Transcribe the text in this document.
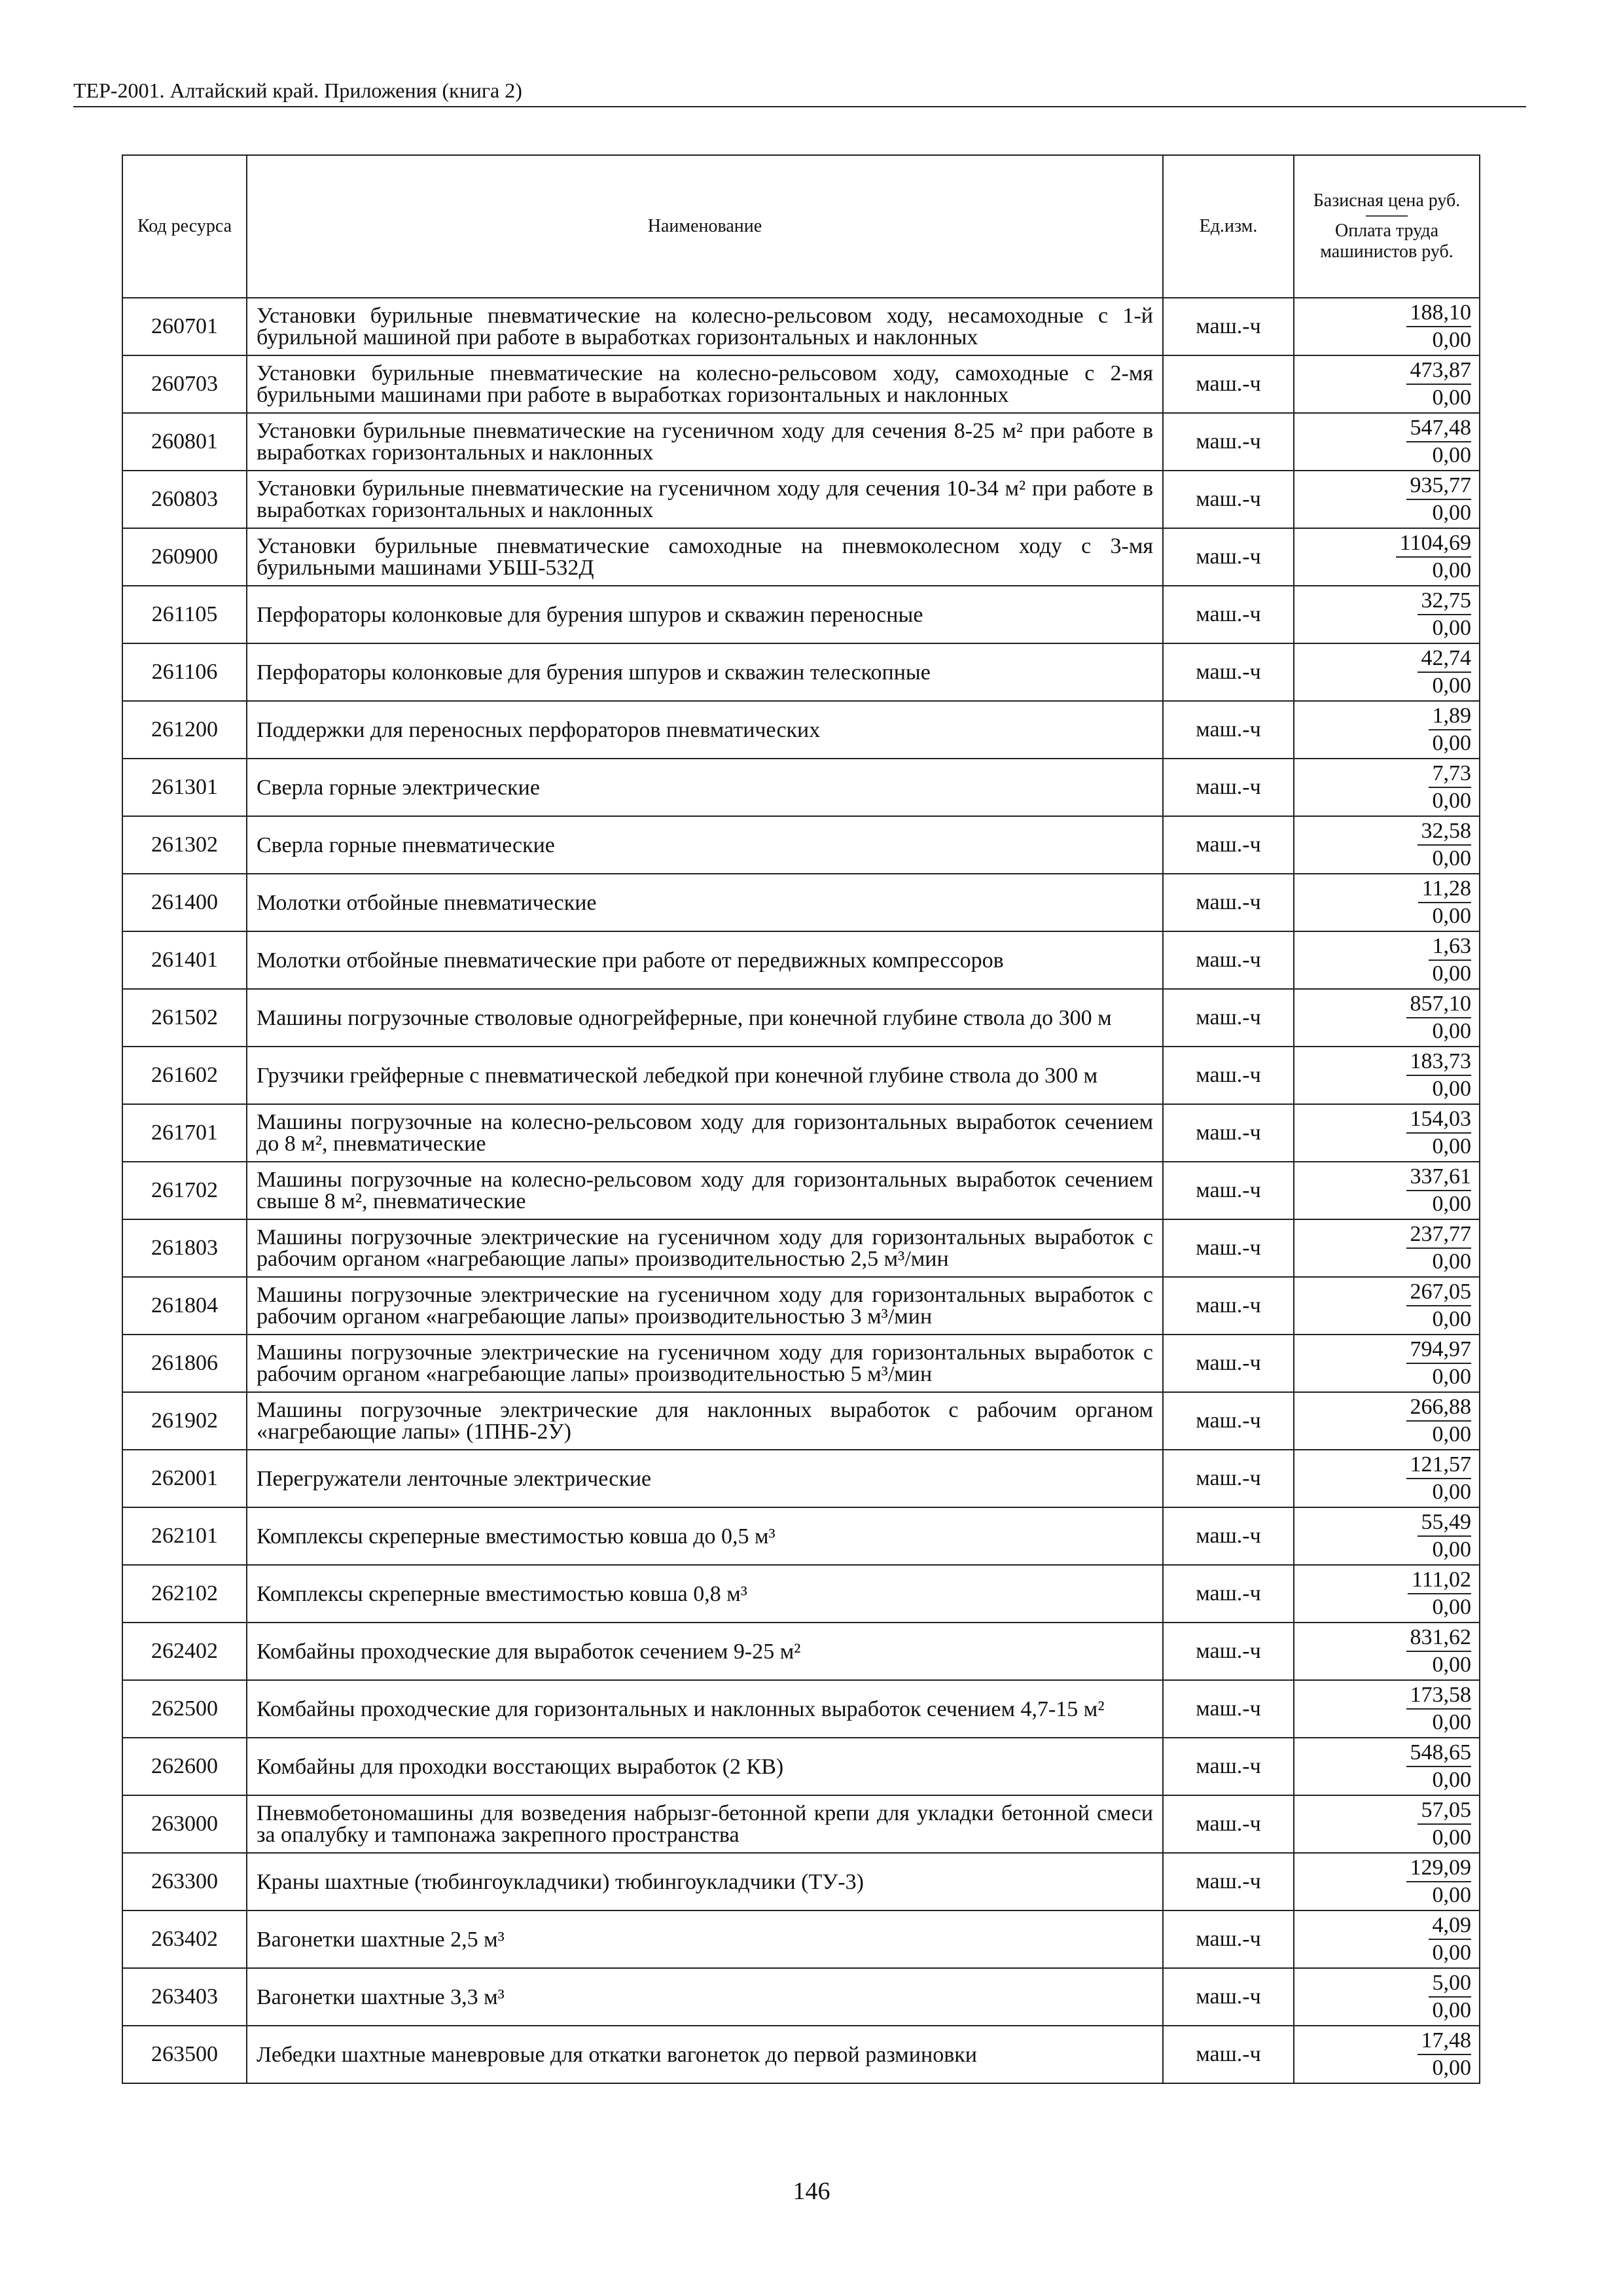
ТЕР-2001. Алтайский край. Приложения (книга 2)
Код ресурса	Наименование	Ед.изм.	Базисная цена руб.
Оплата труда машинистов руб.
260701	Установки бурильные пневматические на колесно-рельсовом ходу, несамоходные с 1-й бурильной машиной при работе в выработках горизонтальных и наклонных	маш.-ч	188,10
0,00

260703	Установки бурильные пневматические на колесно-рельсовом ходу, самоходные с 2-мя бурильными машинами при работе в выработках горизонтальных и наклонных	маш.-ч	473,87
0,00

260801	Установки бурильные пневматические на гусеничном ходу для сечения 8-25 м² при работе в выработках горизонтальных и наклонных	маш.-ч	547,48
0,00

260803	Установки бурильные пневматические на гусеничном ходу для сечения 10-34 м² при работе в выработках горизонтальных и наклонных	маш.-ч	935,77
0,00

260900	Установки бурильные пневматические самоходные на пневмоколесном ходу с 3-мя бурильными машинами УБШ-532Д	маш.-ч	1104,69
0,00

261105	Перфораторы колонковые для бурения шпуров и скважин переносные	маш.-ч	32,75
0,00

261106	Перфораторы колонковые для бурения шпуров и скважин телескопные	маш.-ч	42,74
0,00

261200	Поддержки для переносных перфораторов пневматических	маш.-ч	1,89
0,00

261301	Сверла горные электрические	маш.-ч	7,73
0,00

261302	Сверла горные пневматические	маш.-ч	32,58
0,00

261400	Молотки отбойные пневматические	маш.-ч	11,28
0,00

261401	Молотки отбойные пневматические при работе от передвижных компрессоров	маш.-ч	1,63
0,00

261502	Машины погрузочные стволовые одногрейферные, при конечной глубине ствола до 300 м	маш.-ч	857,10
0,00

261602	Грузчики грейферные с пневматической лебедкой при конечной глубине ствола до 300 м	маш.-ч	183,73
0,00

261701	Машины погрузочные на колесно-рельсовом ходу для горизонтальных выработок сечением до 8 м², пневматические	маш.-ч	154,03
0,00

261702	Машины погрузочные на колесно-рельсовом ходу для горизонтальных выработок сечением свыше 8 м², пневматические	маш.-ч	337,61
0,00

261803	Машины погрузочные электрические на гусеничном ходу для горизонтальных выработок с рабочим органом «нагребающие лапы» производительностью 2,5 м³/мин	маш.-ч	237,77
0,00

261804	Машины погрузочные электрические на гусеничном ходу для горизонтальных выработок с рабочим органом «нагребающие лапы» производительностью 3 м³/мин	маш.-ч	267,05
0,00

261806	Машины погрузочные электрические на гусеничном ходу для горизонтальных выработок с рабочим органом «нагребающие лапы» производительностью 5 м³/мин	маш.-ч	794,97
0,00

261902	Машины погрузочные электрические для наклонных выработок с рабочим органом «нагребающие лапы» (1ПНБ-2У)	маш.-ч	266,88
0,00

262001	Перегружатели ленточные электрические	маш.-ч	121,57
0,00

262101	Комплексы скреперные вместимостью ковша до 0,5 м³	маш.-ч	55,49
0,00

262102	Комплексы скреперные вместимостью ковша 0,8 м³	маш.-ч	111,02
0,00

262402	Комбайны проходческие для выработок сечением 9-25 м²	маш.-ч	831,62
0,00

262500	Комбайны проходческие для горизонтальных и наклонных выработок сечением 4,7-15 м²	маш.-ч	173,58
0,00

262600	Комбайны для проходки восстающих выработок (2 КВ)	маш.-ч	548,65
0,00

263000	Пневмобетономашины для возведения набрызг-бетонной крепи для укладки бетонной смеси за опалубку и тампонажа закрепного пространства	маш.-ч	57,05
0,00

263300	Краны шахтные (тюбингоукладчики) тюбингоукладчики (ТУ-3)	маш.-ч	129,09
0,00

263402	Вагонетки шахтные 2,5 м³	маш.-ч	4,09
0,00

263403	Вагонетки шахтные 3,3 м³	маш.-ч	5,00
0,00

263500	Лебедки шахтные маневровые для откатки вагонеток до первой разминовки	маш.-ч	17,48
0,00
146
